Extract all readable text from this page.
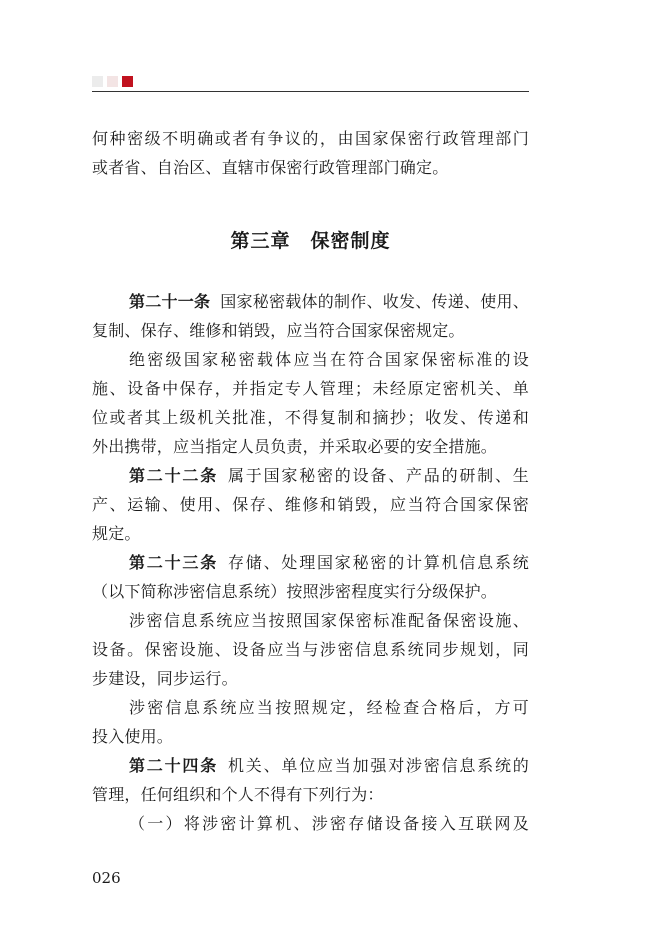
何种密级不明确或者有争议的，由国家保密行政管理部门
或者省、自治区、直辖市保密行政管理部门确定。
第三章　保密制度
第二十一条 国家秘密载体的制作、收发、传递、使用、
复制、保存、维修和销毁，应当符合国家保密规定。
绝密级国家秘密载体应当在符合国家保密标准的设
施、设备中保存，并指定专人管理；未经原定密机关、单
位或者其上级机关批准，不得复制和摘抄；收发、传递和
外出携带，应当指定人员负责，并采取必要的安全措施。
第二十二条 属于国家秘密的设备、产品的研制、生
产、运输、使用、保存、维修和销毁，应当符合国家保密
规定。
第二十三条 存储、处理国家秘密的计算机信息系统
（以下简称涉密信息系统）按照涉密程度实行分级保护。
涉密信息系统应当按照国家保密标准配备保密设施、
设备。保密设施、设备应当与涉密信息系统同步规划，同
步建设，同步运行。
涉密信息系统应当按照规定，经检查合格后，方可
投入使用。
第二十四条 机关、单位应当加强对涉密信息系统的
管理，任何组织和个人不得有下列行为：
（一）将涉密计算机、涉密存储设备接入互联网及
026
